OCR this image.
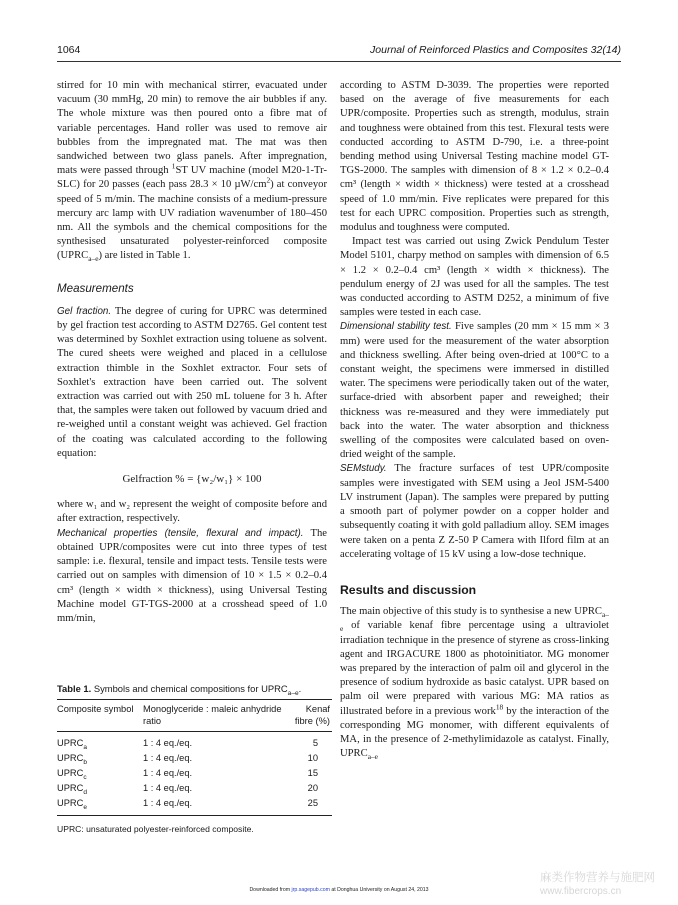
1064	Journal of Reinforced Plastics and Composites 32(14)

stirred for 10 min with mechanical stirrer, evacuated under vacuum (30 mmHg, 20 min) to remove the air bubbles if any. The whole mixture was then poured onto a fibre mat of variable percentages. Hand roller was used to remove air bubbles from the impregnated mat. The mat was then sandwiched between two glass panels. After impregnation, mats were passed through $^1$ST UV machine (model M20-1-Tr-SLC) for 20 passes (each pass 28.3 × 10 $\mu W/cm^2$) at conveyor speed of 5 m/min. The machine consists of a medium-pressure mercury arc lamp with UV radiation wavenumber of 180–450 nm. All the symbols and the chemical compositions for the synthesised unsaturated polyester-reinforced composite $(UPRC_{a-e})$ are listed in Table 1.

Measurements

Gel fraction. The degree of curing for UPRC was determined by gel fraction test according to ASTM D2765. Gel content test was determined by Soxhlet extraction using toluene as solvent. The cured sheets were weighed and placed in a cellulose extraction thimble in the Soxhlet extractor. Four sets of Soxhlet's extraction have been carried out. The solvent extraction was carried out with 250 mL toluene for 3 h. After that, the samples were taken out followed by vacuum dried and re-weighed until a constant weight was achieved. Gel fraction of the coating was calculated according to the following equation:

Gelfraction % = {w₂/w₁} × 100

where w₁ and w₂ represent the weight of composite before and after extraction, respectively.

Mechanical properties (tensile, flexural and impact). The obtained UPR/composites were cut into three types of test sample: i.e. flexural, tensile and impact tests. Tensile tests were carried out on samples with dimension of 10 × 1.5 × 0.2–0.4 cm³ (length × width × thickness), using Universal Testing Machine model GT-TGS-2000 at a crosshead speed of 1.0 mm/min,

Table 1. Symbols and chemical compositions for $UPRC_{a-e}$.
Composite symbol	Monoglyceride : maleic anhydride ratio	Kenaf fibre (%)
$UPRC_a$	1 : 4 eq./eq.	5
$UPRC_b$	1 : 4 eq./eq.	10
$UPRC_c$	1 : 4 eq./eq.	15
$UPRC_d$	1 : 4 eq./eq.	20
$UPRC_e$	1 : 4 eq./eq.	25
UPRC: unsaturated polyester-reinforced composite.

according to ASTM D-3039. The properties were reported based on the average of five measurements for each UPR/composite. Properties such as strength, modulus, strain and toughness were obtained from this test. Flexural tests were conducted according to ASTM D-790, i.e. a three-point bending method using Universal Testing machine model GT-TGS-2000. The samples with dimension of 8 × 1.2 × 0.2–0.4 cm³ (length × width × thickness) were tested at a crosshead speed of 1.0 mm/min. Five replicates were prepared for this test for each UPRC composition. Properties such as strength, modulus and toughness were computed.

Impact test was carried out using Zwick Pendulum Tester Model 5101, charpy method on samples with dimension of 6.5 × 1.2 × 0.2–0.4 cm³ (length × width × thickness). The pendulum energy of 2J was used for all the samples. The test was conducted according to ASTM D252, a minimum of five samples were tested in each case.

Dimensional stability test. Five samples (20 mm × 15 mm × 3 mm) were used for the measurement of the water absorption and thickness swelling. After being oven-dried at 100°C to a constant weight, the specimens were immersed in distilled water. The specimens were periodically taken out of the water, surface-dried with absorbent paper and reweighed; their thickness was re-measured and they were immediately put back into the water. The water absorption and thickness swelling of the composites were calculated based on oven-dried weight of the sample.

SEMstudy. The fracture surfaces of test UPR/composite samples were investigated with SEM using a Jeol JSM-5400 LV instrument (Japan). The samples were prepared by putting a smooth part of polymer powder on a copper holder and subsequently coating it with gold palladium alloy. SEM images were taken on a penta Z Z-50 P Camera with Ilford film at an accelerating voltage of 15 kV using a low-dose technique.

Results and discussion

The main objective of this study is to synthesise a new $UPRC_{a-e}$ of variable kenaf fibre percentage using a ultraviolet irradiation technique in the presence of styrene as cross-linking agent and IRGACURE 1800 as photoinitiator. MG monomer was prepared by the interaction of palm oil and glycerol in the presence of sodium hydroxide as basic catalyst. UPR based on palm oil were prepared with various MG: MA ratios as illustrated before in a previous work$^{18}$ by the interaction of the corresponding MG monomer, with different equivalents of MA, in the presence of 2-methylimidazole as catalyst. Finally, $UPRC_{a-e}$

Downloaded from jrp.sagepub.com at Donghua University on August 24, 2013
麻类作物营养与施肥网
www.fibercrops.cn
